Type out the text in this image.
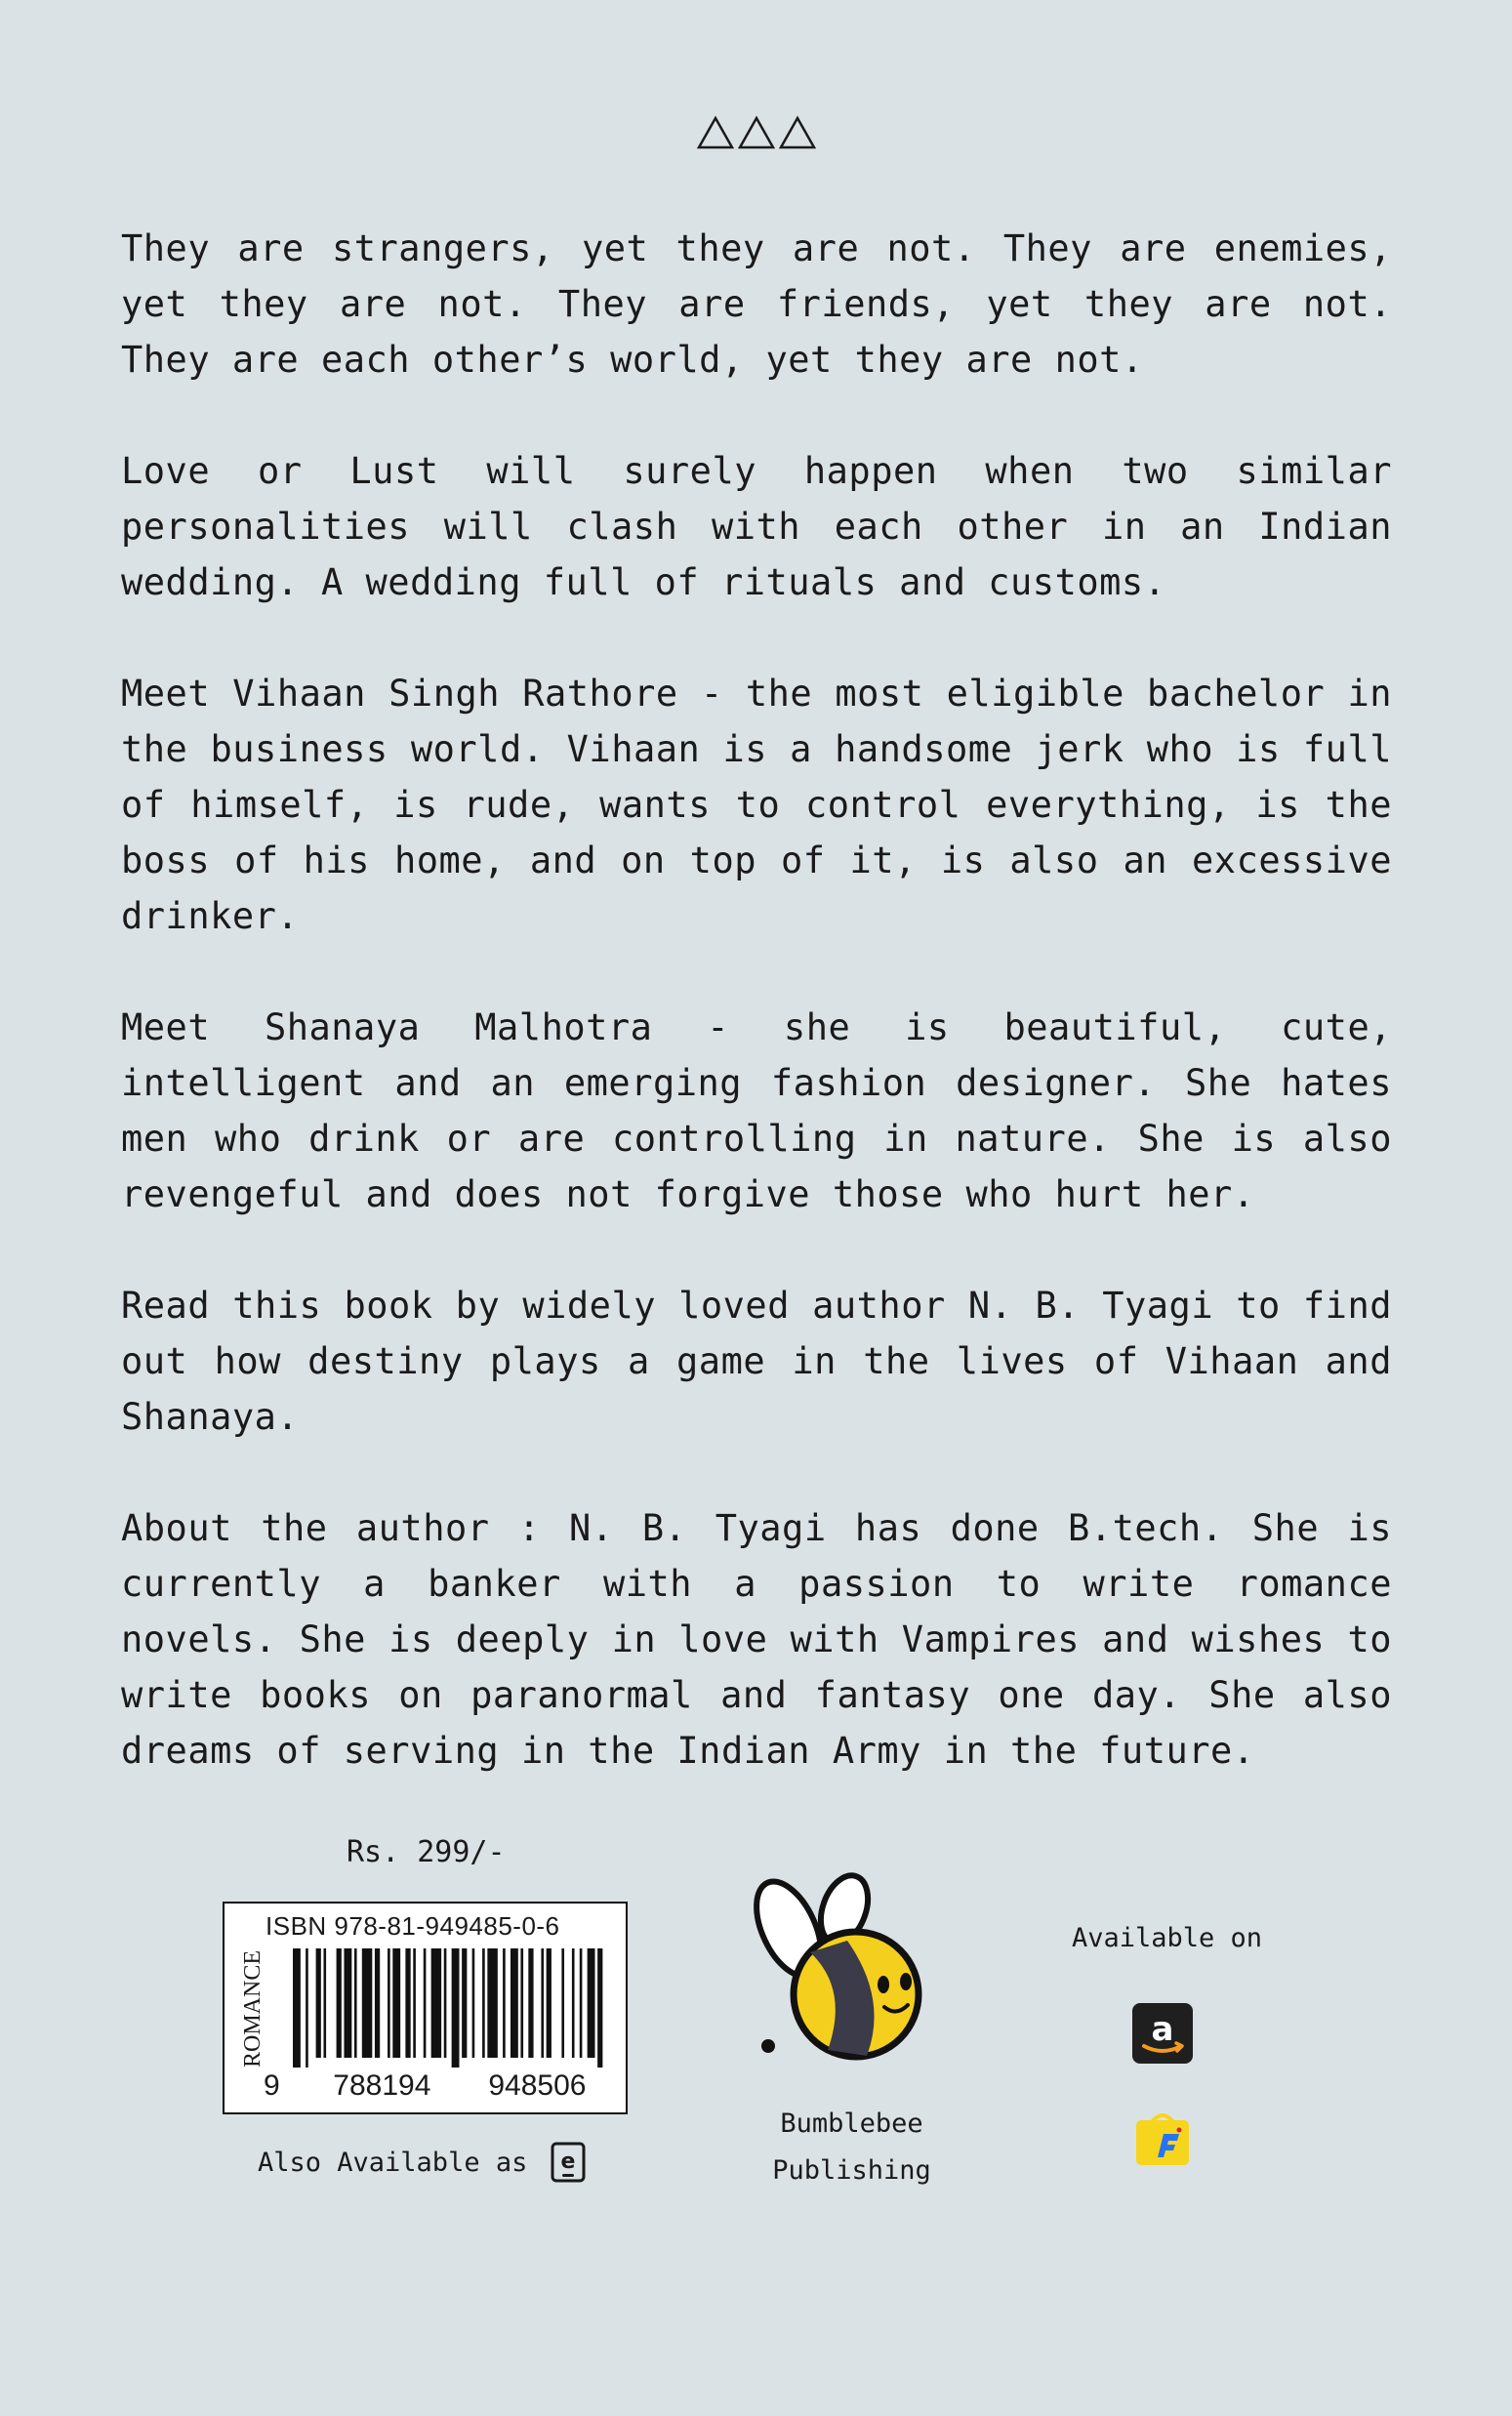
They are strangers, yet they are not. They are enemies, yet they are not. They are friends, yet they are not. They are each other’s world, yet they are not.

Love or Lust will surely happen when two similar personalities will clash with each other in an Indian wedding. A wedding full of rituals and customs.

Meet Vihaan Singh Rathore - the most eligible bachelor in the business world. Vihaan is a handsome jerk who is full of himself, is rude, wants to control everything, is the boss of his home, and on top of it, is also an excessive drinker.

Meet Shanaya Malhotra - she is beautiful, cute, intelligent and an emerging fashion designer. She hates men who drink or are controlling in nature. She is also revengeful and does not forgive those who hurt her.

Read this book by widely loved author N. B. Tyagi to find out how destiny plays a game in the lives of Vihaan and Shanaya.

About the author : N. B. Tyagi has done B.tech. She is currently a banker with a passion to write romance novels. She is deeply in love with Vampires and wishes to write books on paranormal and fantasy one day. She also dreams of serving in the Indian Army in the future.

Rs. 299/-
ISBN 978-81-949485-0-6
ROMANCE
9	788194	948506
Also Available as e
Bumblebee
Publishing
Available on
a
